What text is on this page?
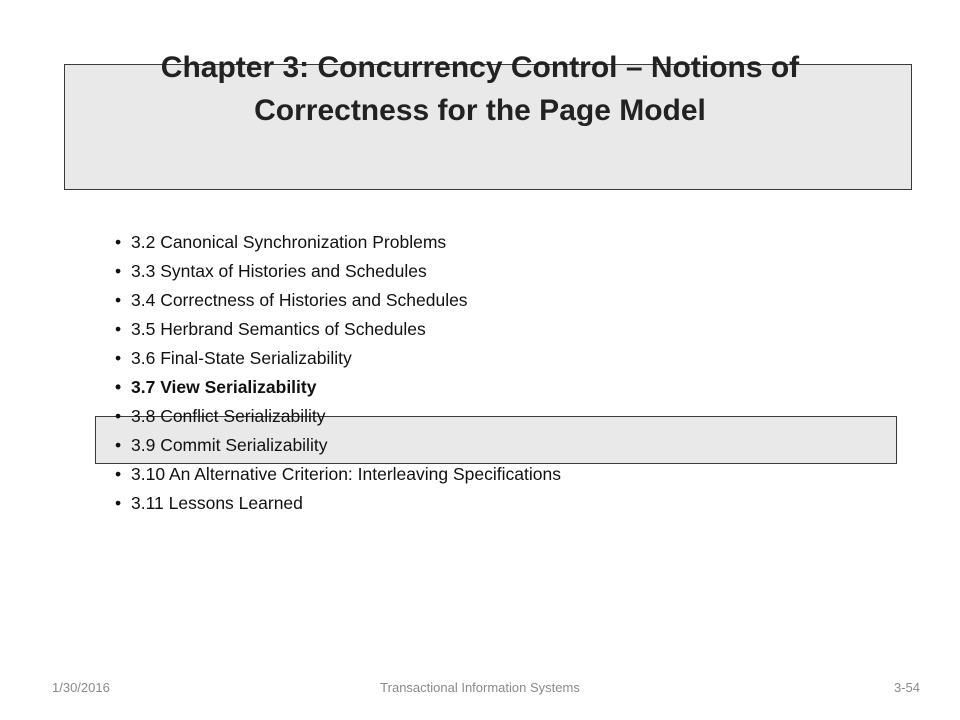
Chapter 3: Concurrency Control – Notions of
Correctness for the Page Model
• 3.2 Canonical Synchronization Problems
• 3.3 Syntax of Histories and Schedules
• 3.4 Correctness of Histories and Schedules
• 3.5 Herbrand Semantics of Schedules
• 3.6 Final-State Serializability
• 3.7 View Serializability
• 3.8 Conflict Serializability
• 3.9 Commit Serializability
• 3.10 An Alternative Criterion: Interleaving Specifications
• 3.11 Lessons Learned
1/30/2016	Transactional Information Systems	3-54
